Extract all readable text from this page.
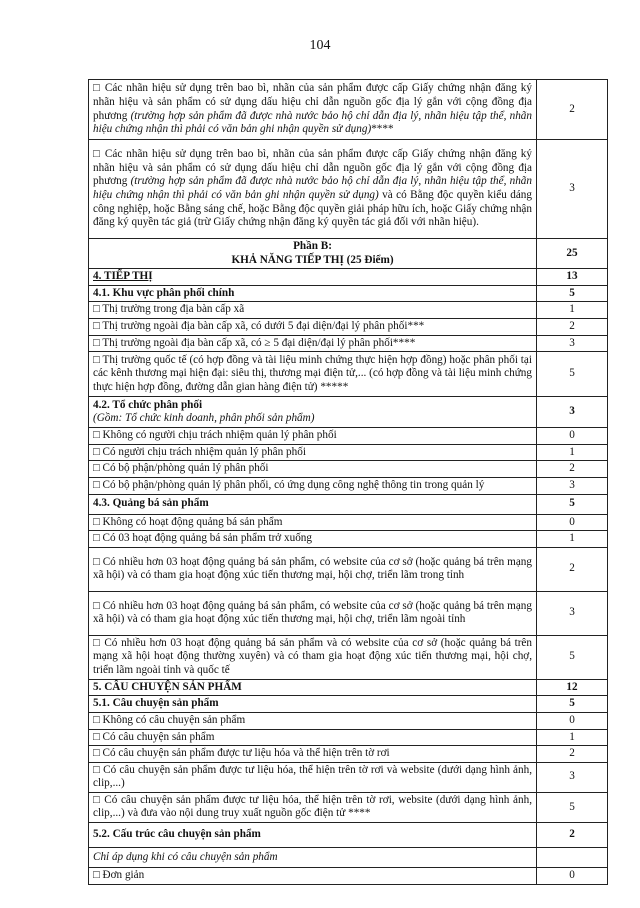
104
□ Các nhãn hiệu sử dụng trên bao bì, nhãn của sản phẩm được cấp Giấy chứng nhận đăng ký nhãn hiệu và sản phẩm có sử dụng dấu hiệu chỉ dẫn nguồn gốc địa lý gắn với cộng đồng địa phương (trường hợp sản phẩm đã được nhà nước bảo hộ chỉ dẫn địa lý, nhãn hiệu tập thể, nhãn hiệu chứng nhận thì phải có văn bản ghi nhận quyền sử dụng)****	2
□ Các nhãn hiệu sử dụng trên bao bì, nhãn của sản phẩm được cấp Giấy chứng nhận đăng ký nhãn hiệu và sản phẩm có sử dụng dấu hiệu chỉ dẫn nguồn gốc địa lý gắn với cộng đồng địa phương (trường hợp sản phẩm đã được nhà nước bảo hộ chỉ dẫn địa lý, nhãn hiệu tập thể, nhãn hiệu chứng nhận thì phải có văn bản ghi nhận quyền sử dụng) và có Bằng độc quyền kiểu dáng công nghiệp, hoặc Bằng sáng chế, hoặc Bằng độc quyền giải pháp hữu ích, hoặc Giấy chứng nhận đăng ký quyền tác giả (trừ Giấy chứng nhận đăng ký quyền tác giả đối với nhãn hiệu).	3

Phần B:
KHẢ NĂNG TIẾP THỊ (25 Điểm)	25
4. TIẾP THỊ	13
4.1. Khu vực phân phối chính	5
□ Thị trường trong địa bàn cấp xã	1
□ Thị trường ngoài địa bàn cấp xã, có dưới 5 đại diện/đại lý phân phối***	2
□ Thị trường ngoài địa bàn cấp xã, có ≥ 5 đại diện/đại lý phân phối****	3
□ Thị trường quốc tế (có hợp đồng và tài liệu minh chứng thực hiện hợp đồng) hoặc phân phối tại các kênh thương mại hiện đại: siêu thị, thương mại điện tử,... (có hợp đồng và tài liệu minh chứng thực hiện hợp đồng, đường dẫn gian hàng điện tử) *****	5

4.2. Tổ chức phân phối
(Gồm: Tổ chức kinh doanh, phân phối sản phẩm)	3
□ Không có người chịu trách nhiệm quản lý phân phối	0
□ Có người chịu trách nhiệm quản lý phân phối	1
□ Có bộ phận/phòng quản lý phân phối	2
□ Có bộ phận/phòng quản lý phân phối, có ứng dụng công nghệ thông tin trong quản lý	3
4.3. Quảng bá sản phẩm	5
□ Không có hoạt động quảng bá sản phẩm	0
□ Có 03 hoạt động quảng bá sản phẩm trở xuống	1
□ Có nhiều hơn 03 hoạt động quảng bá sản phẩm, có website của cơ sở (hoặc quảng bá trên mạng xã hội) và có tham gia hoạt động xúc tiến thương mại, hội chợ, triển lãm trong tỉnh	2
□ Có nhiều hơn 03 hoạt động quảng bá sản phẩm, có website của cơ sở (hoặc quảng bá trên mạng xã hội) và có tham gia hoạt động xúc tiến thương mại, hội chợ, triển lãm ngoài tỉnh	3
□ Có nhiều hơn 03 hoạt động quảng bá sản phẩm và có website của cơ sở (hoặc quảng bá trên mạng xã hội hoạt động thường xuyên) và có tham gia hoạt động xúc tiến thương mại, hội chợ, triển lãm ngoài tỉnh và quốc tế	5
5. CÂU CHUYỆN SẢN PHẨM	12
5.1. Câu chuyện sản phẩm	5
□ Không có câu chuyện sản phẩm	0
□ Có câu chuyện sản phẩm	1
□ Có câu chuyện sản phẩm được tư liệu hóa và thể hiện trên tờ rơi	2
□ Có câu chuyện sản phẩm được tư liệu hóa, thể hiện trên tờ rơi và website (dưới dạng hình ảnh, clip,...)	3
□ Có câu chuyện sản phẩm được tư liệu hóa, thể hiện trên tờ rơi, website (dưới dạng hình ảnh, clip,...) và đưa vào nội dung truy xuất nguồn gốc điện tử ****	5
5.2. Cấu trúc câu chuyện sản phẩm	2
Chỉ áp dụng khi có câu chuyện sản phẩm	
□ Đơn giản	0
